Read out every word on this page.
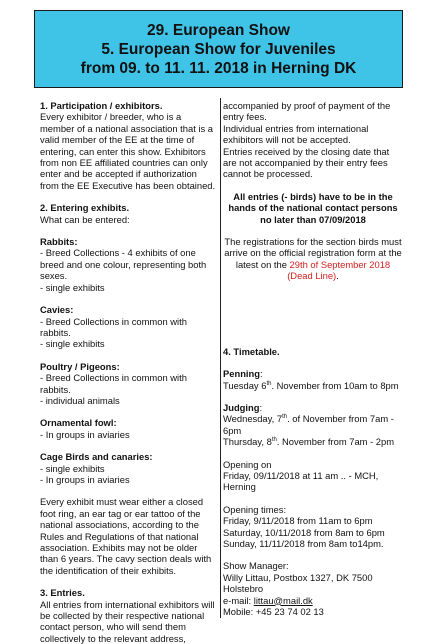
29. European Show
5. European Show for Juveniles
from 09. to 11. 11. 2018 in Herning DK
1. Participation / exhibitors.

Every exhibitor / breeder, who is a member of a national association that is a valid member of the EE at the time of entering, can enter this show. Exhibitors from non EE affiliated countries can only enter and be accepted if authorization from the EE Executive has been obtained.

2. Entering exhibits.

What can be entered:

Rabbits:

- Breed Collections - 4 exhibits of one breed and one colour, representing both sexes.

- single exhibits

Cavies:

- Breed Collections in common with rabbits.

- single exhibits

Poultry / Pigeons:

- Breed Collections in common with rabbits.

- individual animals

Ornamental fowl:

- In groups in aviaries

Cage Birds and canaries:

- single exhibits

- In groups in aviaries

Every exhibit must wear either a closed foot ring, an ear tag or ear tattoo of the national associations, according to the Rules and Regulations of that national association. Exhibits may not be older than 6 years. The cavy section deals with the identification of their exhibits.

3. Entries.

All entries from international exhibitors will be collected by their respective national contact person, who will send them collectively to the relevant address,

accompanied by proof of payment of the entry fees.

Individual entries from international exhibitors will not be accepted.

Entries received by the closing date that are not accompanied by their entry fees cannot be processed.

All entries (- birds) have to be in the hands of the national contact persons no later than 07/09/2018

The registrations for the section birds must arrive on the official registration form at the latest on the 29th of September 2018 (Dead Line).

4. Timetable.
Penning:

Tuesday 6th. November from 10am to 8pm

Judging:

Wednesday, 7th. of November from 7am - 6pm

Thursday, 8th. November from 7am - 2pm

Opening on

Friday, 09/11/2018 at 11 am .. - MCH, Herning

Opening times:

Friday, 9/11/2018 from 11am to 6pm

Saturday, 10/11/2018 from 8am to 6pm

Sunday, 11/11/2018 from 8am to14pm.

Show Manager:

Willy Littau, Postbox 1327, DK 7500 Holstebro

e-mail: littau@mail.dk

Mobile: +45 23 74 02 13
